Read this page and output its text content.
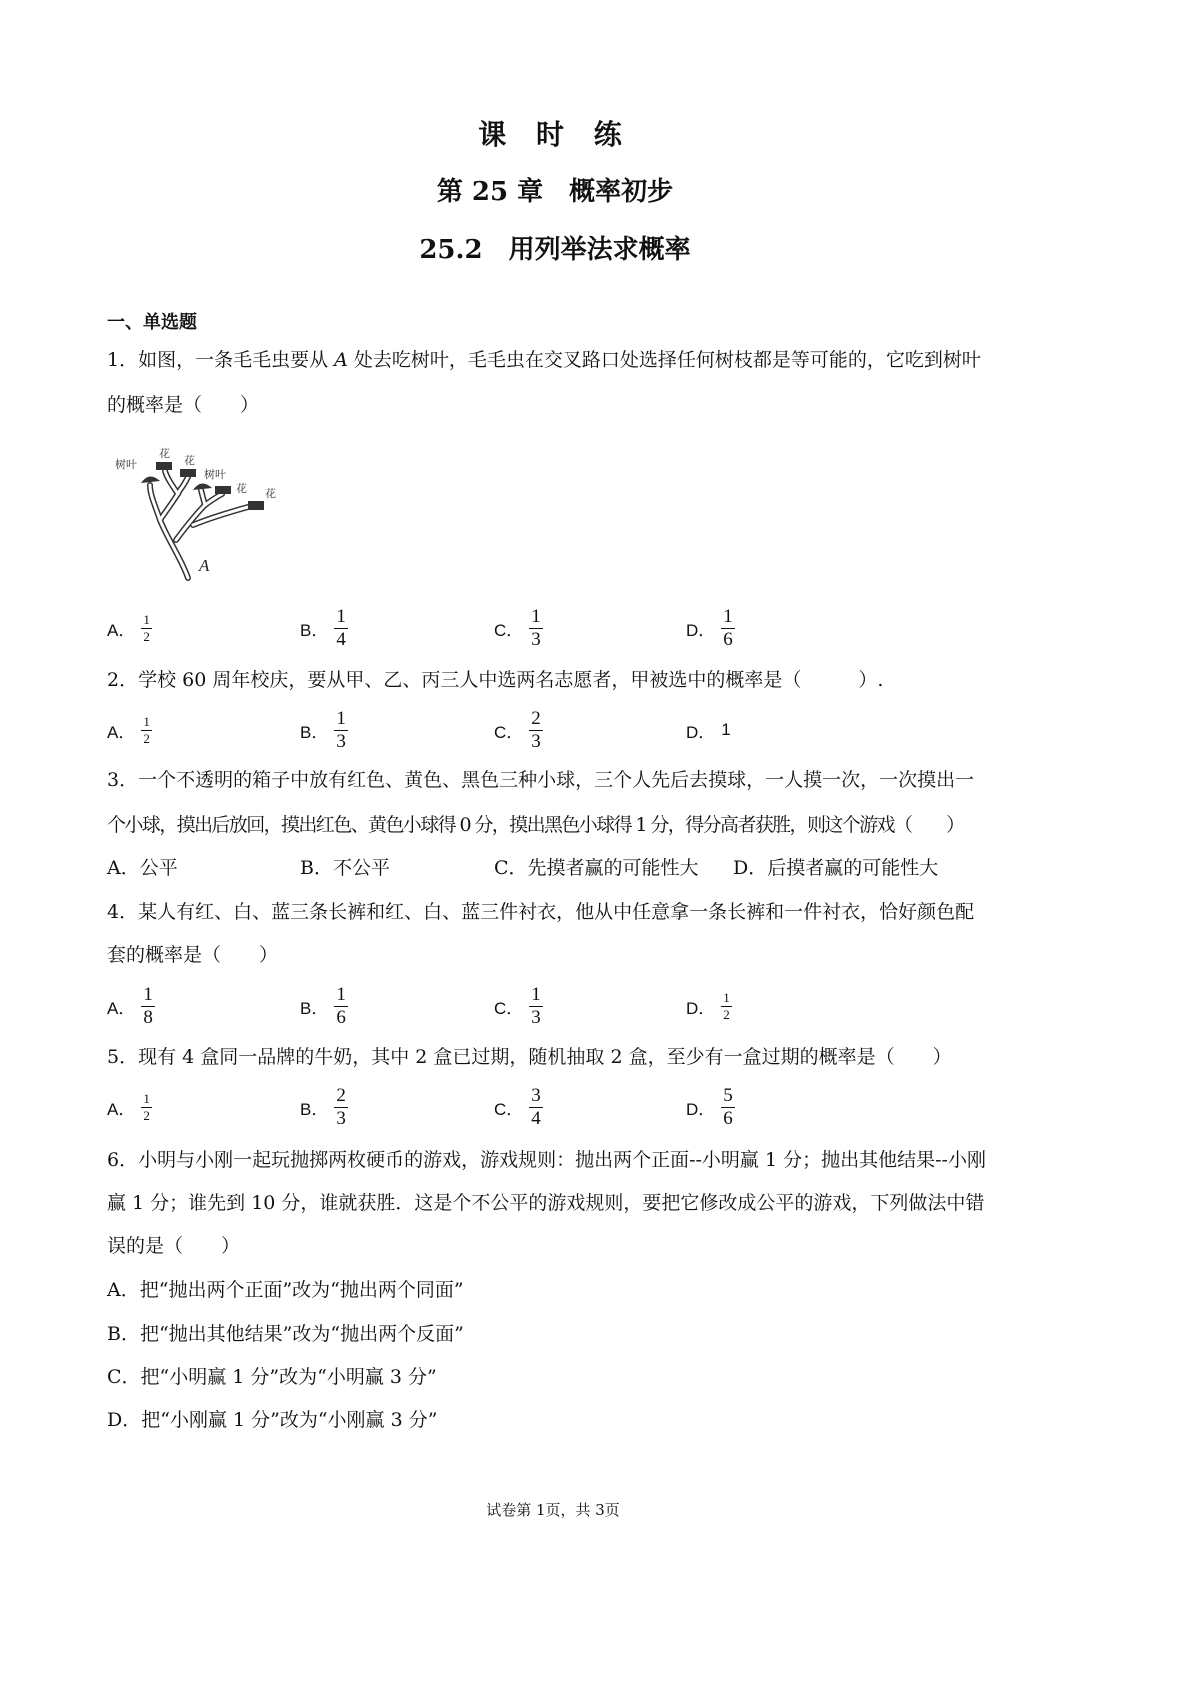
课 时 练
第 25 章　概率初步
25.2　用列举法求概率
一、单选题
1．如图，一条毛毛虫要从 A 处去吃树叶，毛毛虫在交叉路口处选择任何树枝都是等可能的，它吃到树叶
的概率是（　　）
树叶
花
花
树叶
花 花
A
A． $\frac{1}{2}$	B． $\frac{1}{4}$	C． $\frac{1}{3}$	D． $\frac{1}{6}$
2．学校 60 周年校庆，要从甲、乙、丙三人中选两名志愿者，甲被选中的概率是（　　　）.
A． $\frac{1}{2}$	B． $\frac{1}{3}$	C． $\frac{2}{3}$	D． 1
3．一个不透明的箱子中放有红色、黄色、黑色三种小球，三个人先后去摸球，一人摸一次，一次摸出一
个小球，摸出后放回，摸出红色、黄色小球得 0 分，摸出黑色小球得 1 分，得分高者获胜，则这个游戏（　　）
A．公平	B．不公平	C．先摸者赢的可能性大 D．后摸者赢的可能性大
4．某人有红、白、蓝三条长裤和红、白、蓝三件衬衣，他从中任意拿一条长裤和一件衬衣，恰好颜色配
套的概率是（　　）
A． $\frac{1}{8}$	B． $\frac{1}{6}$	C． $\frac{1}{3}$	D． $\frac{1}{2}$
5．现有 4 盒同一品牌的牛奶，其中 2 盒已过期，随机抽取 2 盒，至少有一盒过期的概率是（　　）
A． $\frac{1}{2}$	B． $\frac{2}{3}$	C． $\frac{3}{4}$	D． $\frac{5}{6}$
6．小明与小刚一起玩抛掷两枚硬币的游戏，游戏规则：抛出两个正面--小明赢 1 分；抛出其他结果--小刚
赢 1 分；谁先到 10 分，谁就获胜．这是个不公平的游戏规则，要把它修改成公平的游戏，下列做法中错
误的是（　　）
A．把“抛出两个正面”改为“抛出两个同面”
B．把“抛出其他结果”改为“抛出两个反面”
C．把“小明赢 1 分”改为“小明赢 3 分”
D．把“小刚赢 1 分”改为“小刚赢 3 分”
试卷第 1页，共 3页
